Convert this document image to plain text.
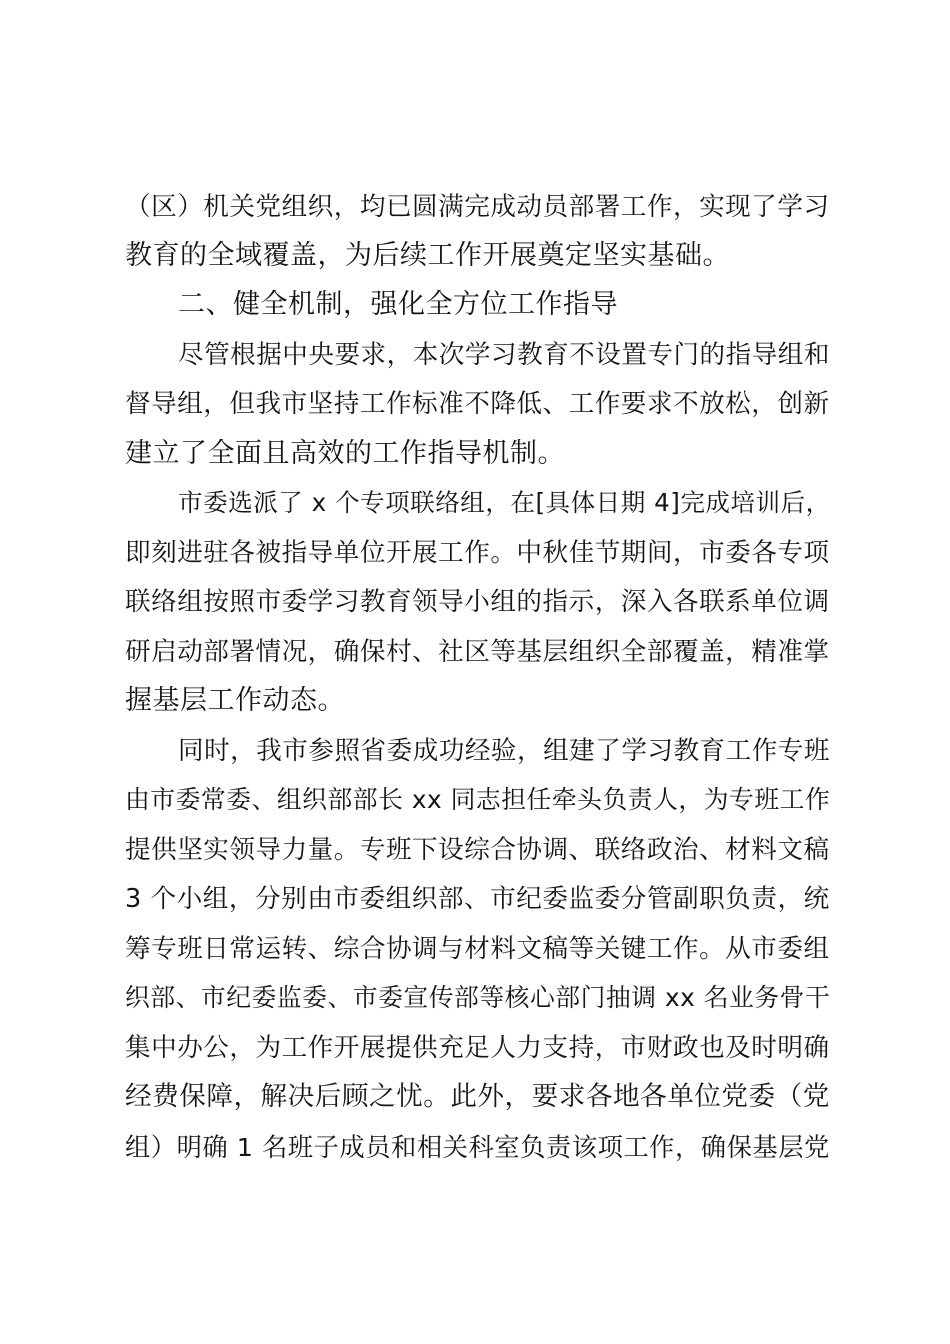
（区）机关党组织，均已圆满完成动员部署工作，实现了学习
教育的全域覆盖，为后续工作开展奠定坚实基础。
二、健全机制，强化全方位工作指导
尽管根据中央要求，本次学习教育不设置专门的指导组和
督导组，但我市坚持工作标准不降低、工作要求不放松，创新
建立了全面且高效的工作指导机制。
市委选派了 x 个专项联络组，在[具体日期 4]完成培训后，
即刻进驻各被指导单位开展工作。中秋佳节期间，市委各专项
联络组按照市委学习教育领导小组的指示，深入各联系单位调
研启动部署情况，确保村、社区等基层组织全部覆盖，精准掌
握基层工作动态。
同时，我市参照省委成功经验，组建了学习教育工作专班
由市委常委、组织部部长 xx 同志担任牵头负责人，为专班工作
提供坚实领导力量。专班下设综合协调、联络政治、材料文稿
3 个小组，分别由市委组织部、市纪委监委分管副职负责，统
筹专班日常运转、综合协调与材料文稿等关键工作。从市委组
织部、市纪委监委、市委宣传部等核心部门抽调 xx 名业务骨干
集中办公，为工作开展提供充足人力支持，市财政也及时明确
经费保障，解决后顾之忧。此外，要求各地各单位党委（党
组）明确 1 名班子成员和相关科室负责该项工作，确保基层党
